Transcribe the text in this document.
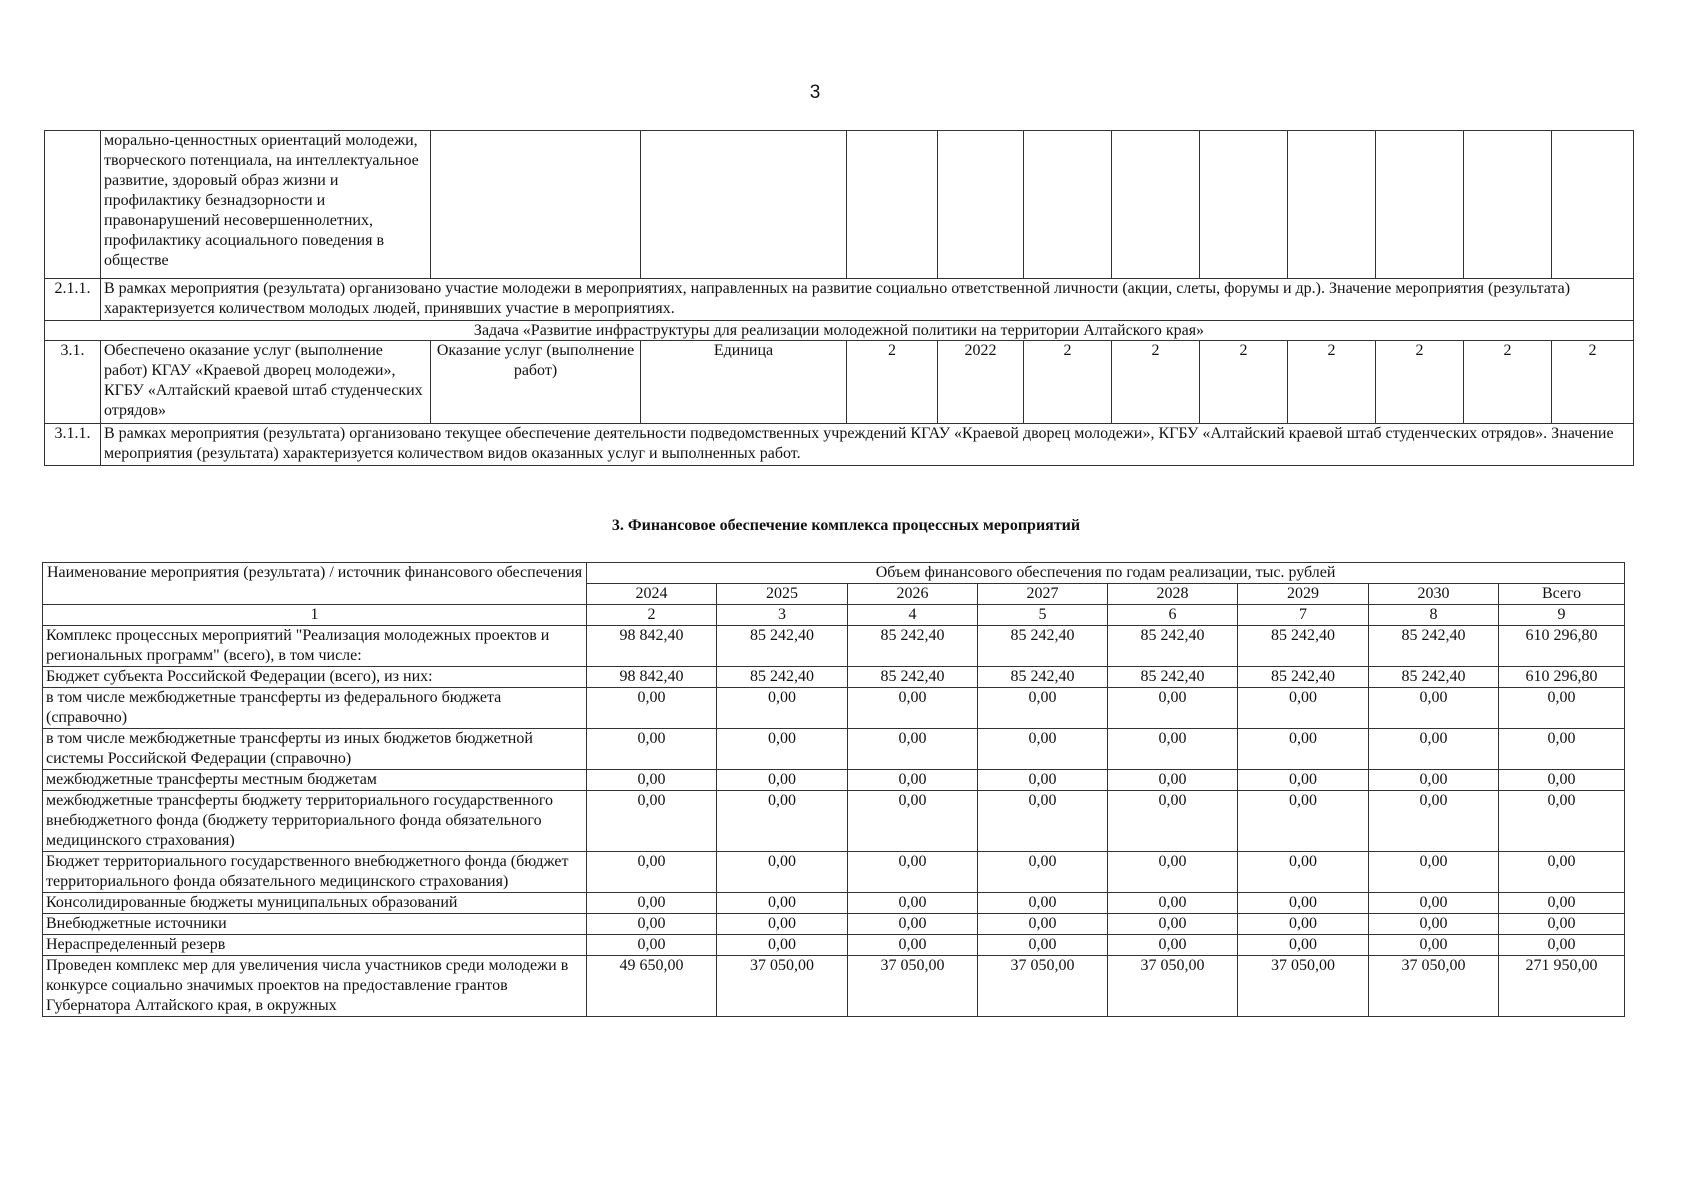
3
	морально-ценностных ориентаций молодежи, творческого потенциала, на интеллектуальное развитие, здоровый образ жизни и профилактику безнадзорности и правонарушений несовершеннолетних, профилактику асоциального поведения в обществе											
2.1.1.	В рамках мероприятия (результата) организовано участие молодежи в мероприятиях, направленных на развитие социально ответственной личности (акции, слеты, форумы и др.). Значение мероприятия (результата) характеризуется количеством молодых людей, принявших участие в мероприятиях.											
Задача «Развитие инфраструктуры для реализации молодежной политики на территории Алтайского края»												
3.1.	Обеспечено оказание услуг (выполнение работ) КГАУ «Краевой дворец молодежи», КГБУ «Алтайский краевой штаб студенческих отрядов»	Оказание услуг (выполнение работ)	Единица	2	2022	2	2	2	2	2	2	2
3.1.1.	В рамках мероприятия (результата) организовано текущее обеспечение деятельности подведомственных учреждений КГАУ «Краевой дворец молодежи», КГБУ «Алтайский краевой штаб студенческих отрядов». Значение мероприятия (результата) характеризуется количеством видов оказанных услуг и выполненных работ.											
3. Финансовое обеспечение комплекса процессных мероприятий
Наименование мероприятия (результата) / источник финансового обеспечения	Объем финансового обеспечения по годам реализации, тыс. рублей							
	2024	2025	2026	2027	2028	2029	2030	Всего
1	2	3	4	5	6	7	8	9
Комплекс процессных мероприятий "Реализация молодежных проектов и региональных программ" (всего), в том числе:	98 842,40	85 242,40	85 242,40	85 242,40	85 242,40	85 242,40	85 242,40	610 296,80
Бюджет субъекта Российской Федерации (всего), из них:	98 842,40	85 242,40	85 242,40	85 242,40	85 242,40	85 242,40	85 242,40	610 296,80
в том числе межбюджетные трансферты из федерального бюджета (справочно)	0,00	0,00	0,00	0,00	0,00	0,00	0,00	0,00
в том числе межбюджетные трансферты из иных бюджетов бюджетной системы Российской Федерации (справочно)	0,00	0,00	0,00	0,00	0,00	0,00	0,00	0,00
межбюджетные трансферты местным бюджетам	0,00	0,00	0,00	0,00	0,00	0,00	0,00	0,00
межбюджетные трансферты бюджету территориального государственного внебюджетного фонда (бюджету территориального фонда обязательного медицинского страхования)	0,00	0,00	0,00	0,00	0,00	0,00	0,00	0,00
Бюджет территориального государственного внебюджетного фонда (бюджет территориального фонда обязательного медицинского страхования)	0,00	0,00	0,00	0,00	0,00	0,00	0,00	0,00
Консолидированные бюджеты муниципальных образований	0,00	0,00	0,00	0,00	0,00	0,00	0,00	0,00
Внебюджетные источники	0,00	0,00	0,00	0,00	0,00	0,00	0,00	0,00
Нераспределенный резерв	0,00	0,00	0,00	0,00	0,00	0,00	0,00	0,00
Проведен комплекс мер для увеличения числа участников среди молодежи в конкурсе социально значимых проектов на предоставление грантов Губернатора Алтайского края, в окружных	49 650,00	37 050,00	37 050,00	37 050,00	37 050,00	37 050,00	37 050,00	271 950,00
